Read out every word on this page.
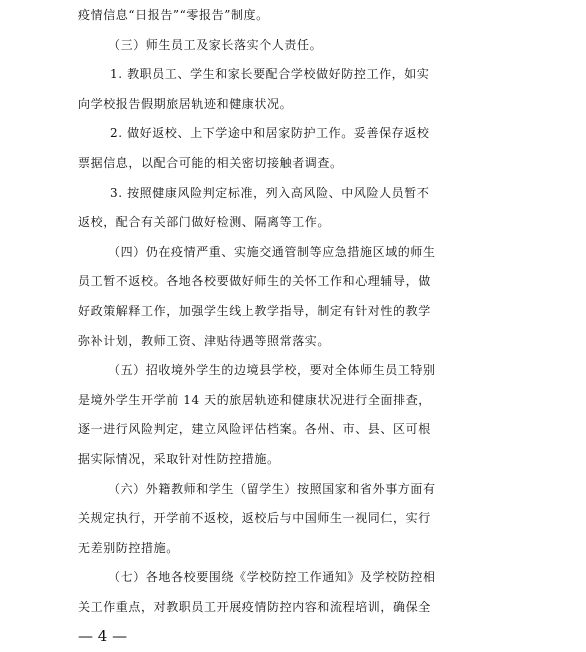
疫情信息“日报告”“零报告”制度。
（三）师生员工及家长落实个人责任。
1. 教职员工、学生和家长要配合学校做好防控工作，如实
向学校报告假期旅居轨迹和健康状况。
2. 做好返校、上下学途中和居家防护工作。妥善保存返校
票据信息，以配合可能的相关密切接触者调查。
3. 按照健康风险判定标准，列入高风险、中风险人员暂不
返校，配合有关部门做好检测、隔离等工作。
（四）仍在疫情严重、实施交通管制等应急措施区域的师生
员工暂不返校。各地各校要做好师生的关怀工作和心理辅导，做
好政策解释工作，加强学生线上教学指导，制定有针对性的教学
弥补计划，教师工资、津贴待遇等照常落实。
（五）招收境外学生的边境县学校，要对全体师生员工特别
是境外学生开学前 14 天的旅居轨迹和健康状况进行全面排查，
逐一进行风险判定，建立风险评估档案。各州、市、县、区可根
据实际情况，采取针对性防控措施。
（六）外籍教师和学生（留学生）按照国家和省外事方面有
关规定执行，开学前不返校，返校后与中国师生一视同仁，实行
无差别防控措施。
（七）各地各校要围绕《学校防控工作通知》及学校防控相
关工作重点，对教职员工开展疫情防控内容和流程培训，确保全
— 4 —
